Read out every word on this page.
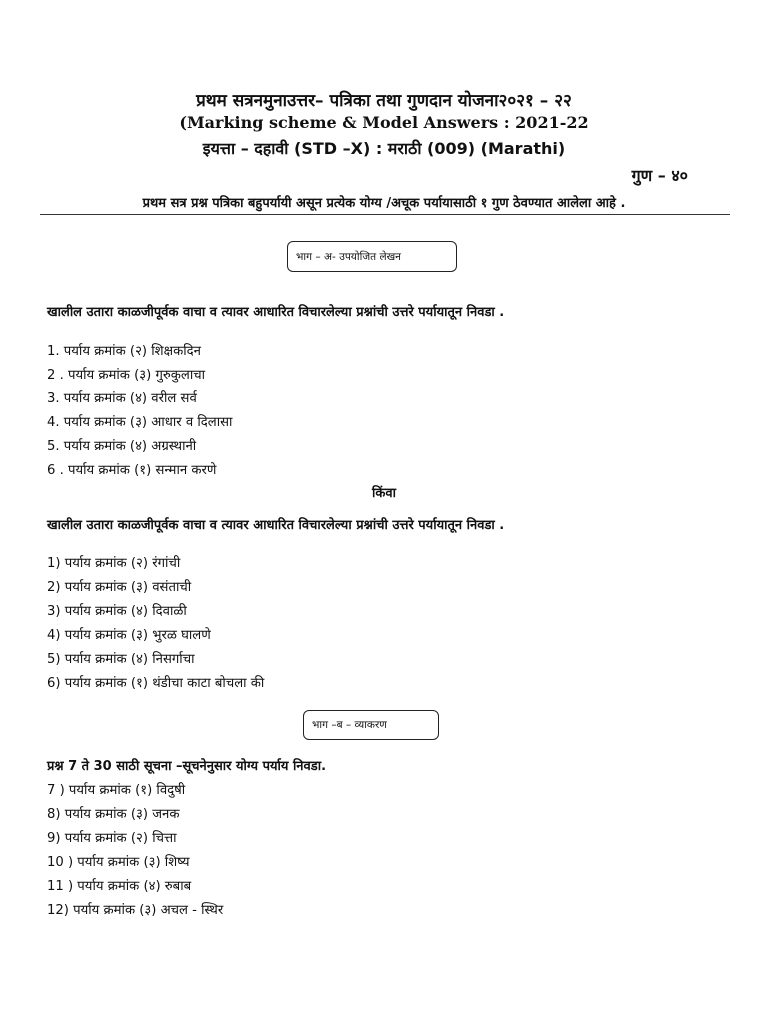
प्रथम सत्रनमुनाउत्तर– पत्रिका तथा गुणदान योजना२०२१ – २२
(Marking scheme & Model Answers : 2021-22
इयत्ता – दहावी (STD –X) : मराठी (009) (Marathi)
गुण – ४०
प्रथम सत्र प्रश्न पत्रिका बहुपर्यायी असून प्रत्येक योग्य /अचूक पर्यायासाठी १ गुण ठेवण्यात आलेला आहे .
भाग – अ- उपयोजित लेखन
खालील उतारा काळजीपूर्वक वाचा व त्यावर आधारित विचारलेल्या प्रश्नांची उत्तरे पर्यायातून निवडा .
1. पर्याय क्रमांक (२) शिक्षकदिन
2 . पर्याय क्रमांक (३) गुरुकुलाचा
3. पर्याय क्रमांक (४) वरील सर्व
4. पर्याय क्रमांक (३) आधार व दिलासा
5. पर्याय क्रमांक (४) अग्रस्थानी
6 . पर्याय क्रमांक (१) सन्मान करणे
किंवा
खालील उतारा काळजीपूर्वक वाचा व त्यावर आधारित विचारलेल्या प्रश्नांची उत्तरे पर्यायातून निवडा .
1) पर्याय क्रमांक (२) रंगांची
2) पर्याय क्रमांक (३) वसंताची
3) पर्याय क्रमांक (४) दिवाळी
4) पर्याय क्रमांक (३) भुरळ घालणे
5) पर्याय क्रमांक (४) निसर्गाचा
6) पर्याय क्रमांक (१) थंडीचा काटा बोचला की
भाग –ब – व्याकरण
प्रश्न 7 ते 30 साठी सूचना –सूचनेनुसार योग्य पर्याय निवडा.
7 ) पर्याय क्रमांक (१) विदुषी
8) पर्याय क्रमांक (३) जनक
9) पर्याय क्रमांक (२) चित्ता
10 ) पर्याय क्रमांक (३) शिष्य
11 ) पर्याय क्रमांक (४) रुबाब
12) पर्याय क्रमांक (३) अचल - स्थिर
